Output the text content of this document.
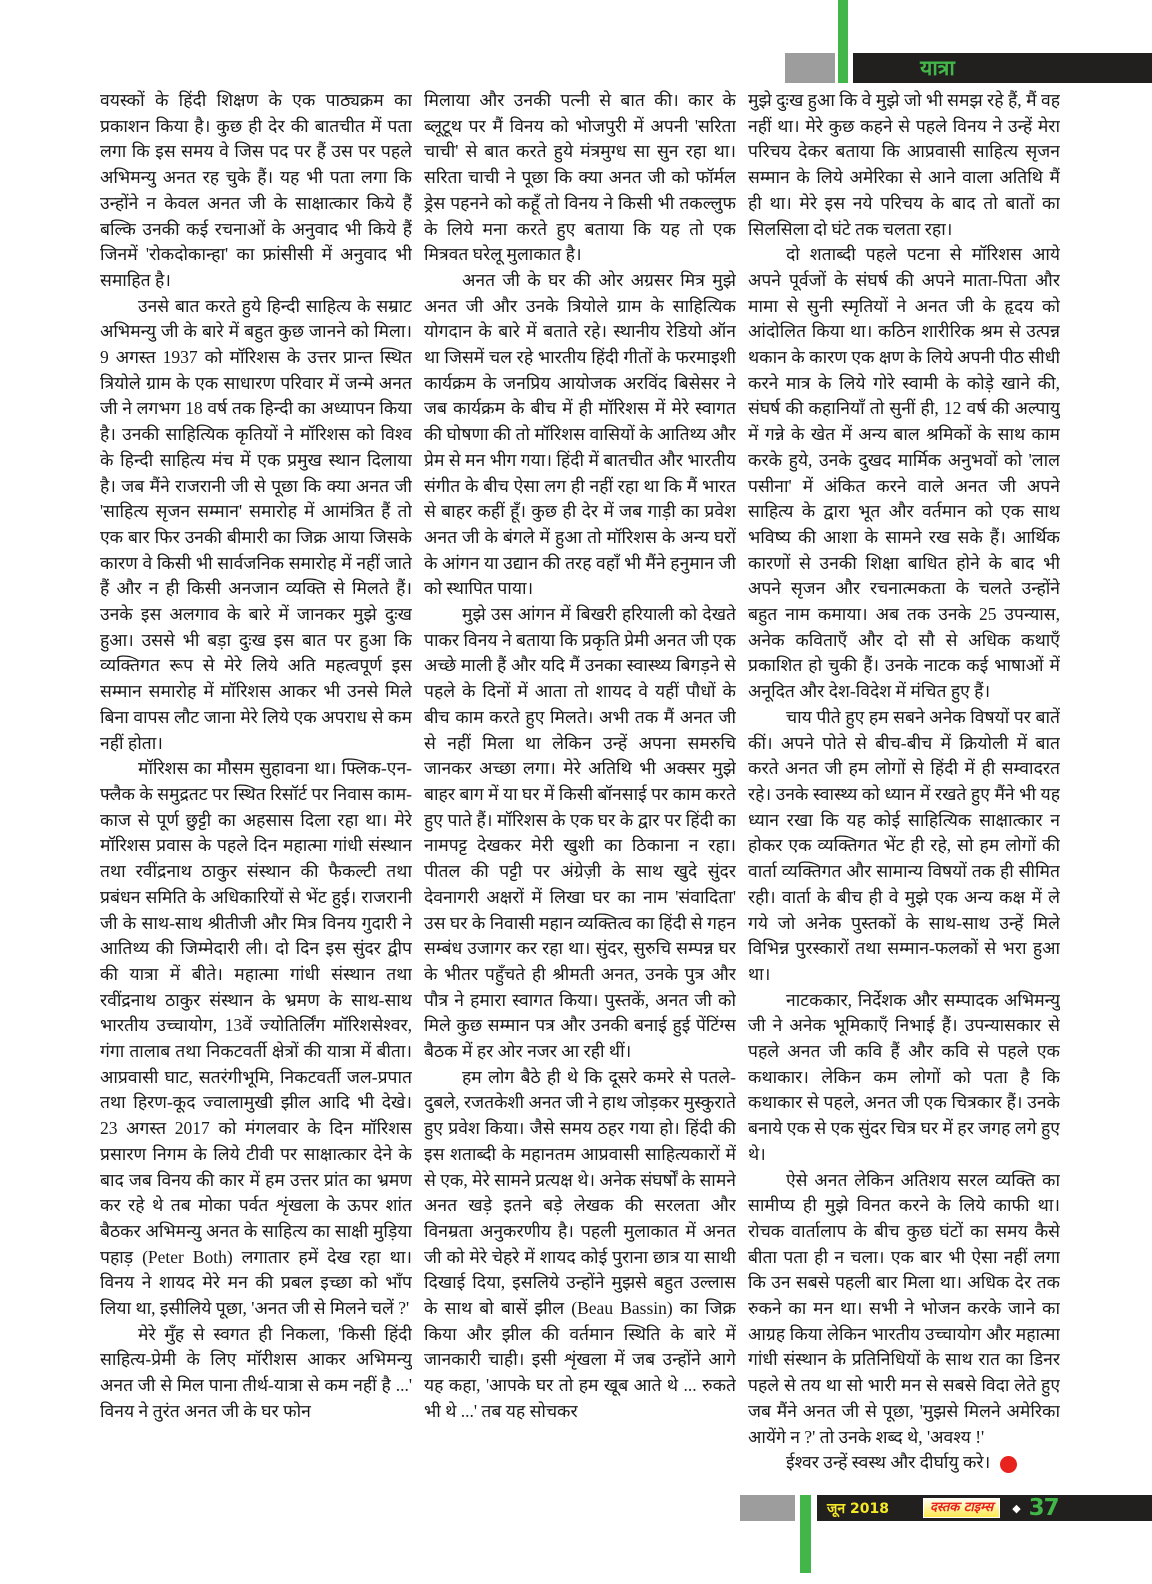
यात्रा

वयस्कों के हिंदी शिक्षण के एक पाठ्यक्रम का प्रकाशन किया है। कुछ ही देर की बातचीत में पता लगा कि इस समय वे जिस पद पर हैं उस पर पहले अभिमन्यु अनत रह चुके हैं। यह भी पता लगा कि उन्होंने न केवल अनत जी के साक्षात्कार किये हैं बल्कि उनकी कई रचनाओं के अनुवाद भी किये हैं जिनमें 'रोकदोकान्हा' का फ्रांसीसी में अनुवाद भी समाहित है।

उनसे बात करते हुये हिन्दी साहित्य के सम्राट अभिमन्यु जी के बारे में बहुत कुछ जानने को मिला। 9 अगस्त 1937 को मॉरिशस के उत्तर प्रान्त स्थित त्रियोले ग्राम के एक साधारण परिवार में जन्मे अनत जी ने लगभग 18 वर्ष तक हिन्दी का अध्यापन किया है। उनकी साहित्यिक कृतियों ने मॉरिशस को विश्व के हिन्दी साहित्य मंच में एक प्रमुख स्थान दिलाया है। जब मैंने राजरानी जी से पूछा कि क्या अनत जी 'साहित्य सृजन सम्मान' समारोह में आमंत्रित हैं तो एक बार फिर उनकी बीमारी का जिक्र आया जिसके कारण वे किसी भी सार्वजनिक समारोह में नहीं जाते हैं और न ही किसी अनजान व्यक्ति से मिलते हैं। उनके इस अलगाव के बारे में जानकर मुझे दुःख हुआ। उससे भी बड़ा दुःख इस बात पर हुआ कि व्यक्तिगत रूप से मेरे लिये अति महत्वपूर्ण इस सम्मान समारोह में मॉरिशस आकर भी उनसे मिले बिना वापस लौट जाना मेरे लिये एक अपराध से कम नहीं होता।

मॉरिशस का मौसम सुहावना था। फ्लिक-एन-फ्लैक के समुद्रतट पर स्थित रिसॉर्ट पर निवास काम-काज से पूर्ण छुट्टी का अहसास दिला रहा था। मेरे मॉरिशस प्रवास के पहले दिन महात्मा गांधी संस्थान तथा रवींद्रनाथ ठाकुर संस्थान की फैकल्टी तथा प्रबंधन समिति के अधिकारियों से भेंट हुई। राजरानी जी के साथ-साथ श्रीतीजी और मित्र विनय गुदारी ने आतिथ्य की जिम्मेदारी ली। दो दिन इस सुंदर द्वीप की यात्रा में बीते। महात्मा गांधी संस्थान तथा रवींद्रनाथ ठाकुर संस्थान के भ्रमण के साथ-साथ भारतीय उच्चायोग, 13वें ज्योतिर्लिंग मॉरिशसेश्वर, गंगा तालाब तथा निकटवर्ती क्षेत्रों की यात्रा में बीता। आप्रवासी घाट, सतरंगीभूमि, निकटवर्ती जल-प्रपात तथा हिरण-कूद ज्वालामुखी झील आदि भी देखे। 23 अगस्त 2017 को मंगलवार के दिन मॉरिशस प्रसारण निगम के लिये टीवी पर साक्षात्कार देने के बाद जब विनय की कार में हम उत्तर प्रांत का भ्रमण कर रहे थे तब मोका पर्वत शृंखला के ऊपर शांत बैठकर अभिमन्यु अनत के साहित्य का साक्षी मुड़िया पहाड़ (Peter Both) लगातार हमें देख रहा था। विनय ने शायद मेरे मन की प्रबल इच्छा को भाँप लिया था, इसीलिये पूछा, 'अनत जी से मिलने चलें ?'

मेरे मुँह से स्वगत ही निकला, 'किसी हिंदी साहित्य-प्रेमी के लिए मॉरीशस आकर अभिमन्यु अनत जी से मिल पाना तीर्थ-यात्रा से कम नहीं है ...' विनय ने तुरंत अनत जी के घर फोन

मिलाया और उनकी पत्नी से बात की। कार के ब्लूटूथ पर मैं विनय को भोजपुरी में अपनी 'सरिता चाची' से बात करते हुये मंत्रमुग्ध सा सुन रहा था। सरिता चाची ने पूछा कि क्या अनत जी को फॉर्मल ड्रेस पहनने को कहूँ तो विनय ने किसी भी तकल्लुफ के लिये मना करते हुए बताया कि यह तो एक मित्रवत घरेलू मुलाकात है।

अनत जी के घर की ओर अग्रसर मित्र मुझे अनत जी और उनके त्रियोले ग्राम के साहित्यिक योगदान के बारे में बताते रहे। स्थानीय रेडियो ऑन था जिसमें चल रहे भारतीय हिंदी गीतों के फरमाइशी कार्यक्रम के जनप्रिय आयोजक अरविंद बिसेसर ने जब कार्यक्रम के बीच में ही मॉरिशस में मेरे स्वागत की घोषणा की तो मॉरिशस वासियों के आतिथ्य और प्रेम से मन भीग गया। हिंदी में बातचीत और भारतीय संगीत के बीच ऐसा लग ही नहीं रहा था कि मैं भारत से बाहर कहीं हूँ। कुछ ही देर में जब गाड़ी का प्रवेश अनत जी के बंगले में हुआ तो मॉरिशस के अन्य घरों के आंगन या उद्यान की तरह वहाँ भी मैंने हनुमान जी को स्थापित पाया।

मुझे उस आंगन में बिखरी हरियाली को देखते पाकर विनय ने बताया कि प्रकृति प्रेमी अनत जी एक अच्छे माली हैं और यदि मैं उनका स्वास्थ्य बिगड़ने से पहले के दिनों में आता तो शायद वे यहीं पौधों के बीच काम करते हुए मिलते। अभी तक मैं अनत जी से नहीं मिला था लेकिन उन्हें अपना समरुचि जानकर अच्छा लगा। मेरे अतिथि भी अक्सर मुझे बाहर बाग में या घर में किसी बॉनसाई पर काम करते हुए पाते हैं। मॉरिशस के एक घर के द्वार पर हिंदी का नामपट्ट देखकर मेरी खुशी का ठिकाना न रहा। पीतल की पट्टी पर अंग्रेज़ी के साथ खुदे सुंदर देवनागरी अक्षरों में लिखा घर का नाम 'संवादिता' उस घर के निवासी महान व्यक्तित्व का हिंदी से गहन सम्बंध उजागर कर रहा था। सुंदर, सुरुचि सम्पन्न घर के भीतर पहुँचते ही श्रीमती अनत, उनके पुत्र और पौत्र ने हमारा स्वागत किया। पुस्तकें, अनत जी को मिले कुछ सम्मान पत्र और उनकी बनाई हुई पेंटिंग्स बैठक में हर ओर नजर आ रही थीं।

हम लोग बैठे ही थे कि दूसरे कमरे से पतले-दुबले, रजतकेशी अनत जी ने हाथ जोड़कर मुस्कुराते हुए प्रवेश किया। जैसे समय ठहर गया हो। हिंदी की इस शताब्दी के महानतम आप्रवासी साहित्यकारों में से एक, मेरे सामने प्रत्यक्ष थे। अनेक संघर्षों के सामने अनत खड़े इतने बड़े लेखक की सरलता और विनम्रता अनुकरणीय है। पहली मुलाकात में अनत जी को मेरे चेहरे में शायद कोई पुराना छात्र या साथी दिखाई दिया, इसलिये उन्होंने मुझसे बहुत उल्लास के साथ बो बासें झील (Beau Bassin) का जिक्र किया और झील की वर्तमान स्थिति के बारे में जानकारी चाही। इसी शृंखला में जब उन्होंने आगे यह कहा, 'आपके घर तो हम खूब आते थे ... रुकते भी थे ...' तब यह सोचकर

मुझे दुःख हुआ कि वे मुझे जो भी समझ रहे हैं, मैं वह नहीं था। मेरे कुछ कहने से पहले विनय ने उन्हें मेरा परिचय देकर बताया कि आप्रवासी साहित्य सृजन सम्मान के लिये अमेरिका से आने वाला अतिथि मैं ही था। मेरे इस नये परिचय के बाद तो बातों का सिलसिला दो घंटे तक चलता रहा।

दो शताब्दी पहले पटना से मॉरिशस आये अपने पूर्वजों के संघर्ष की अपने माता-पिता और मामा से सुनी स्मृतियों ने अनत जी के हृदय को आंदोलित किया था। कठिन शारीरिक श्रम से उत्पन्न थकान के कारण एक क्षण के लिये अपनी पीठ सीधी करने मात्र के लिये गोरे स्वामी के कोड़े खाने की, संघर्ष की कहानियाँ तो सुनीं ही, 12 वर्ष की अल्पायु में गन्ने के खेत में अन्य बाल श्रमिकों के साथ काम करके हुये, उनके दुखद मार्मिक अनुभवों को 'लाल पसीना' में अंकित करने वाले अनत जी अपने साहित्य के द्वारा भूत और वर्तमान को एक साथ भविष्य की आशा के सामने रख सके हैं। आर्थिक कारणों से उनकी शिक्षा बाधित होने के बाद भी अपने सृजन और रचनात्मकता के चलते उन्होंने बहुत नाम कमाया। अब तक उनके 25 उपन्यास, अनेक कविताएँ और दो सौ से अधिक कथाएँ प्रकाशित हो चुकी हैं। उनके नाटक कई भाषाओं में अनूदित और देश-विदेश में मंचित हुए हैं।

चाय पीते हुए हम सबने अनेक विषयों पर बातें कीं। अपने पोते से बीच-बीच में क्रियोली में बात करते अनत जी हम लोगों से हिंदी में ही सम्वादरत रहे। उनके स्वास्थ्य को ध्यान में रखते हुए मैंने भी यह ध्यान रखा कि यह कोई साहित्यिक साक्षात्कार न होकर एक व्यक्तिगत भेंट ही रहे, सो हम लोगों की वार्ता व्यक्तिगत और सामान्य विषयों तक ही सीमित रही। वार्ता के बीच ही वे मुझे एक अन्य कक्ष में ले गये जो अनेक पुस्तकों के साथ-साथ उन्हें मिले विभिन्न पुरस्कारों तथा सम्मान-फलकों से भरा हुआ था।

नाटककार, निर्देशक और सम्पादक अभिमन्यु जी ने अनेक भूमिकाएँ निभाई हैं। उपन्यासकार से पहले अनत जी कवि हैं और कवि से पहले एक कथाकार। लेकिन कम लोगों को पता है कि कथाकार से पहले, अनत जी एक चित्रकार हैं। उनके बनाये एक से एक सुंदर चित्र घर में हर जगह लगे हुए थे।

ऐसे अनत लेकिन अतिशय सरल व्यक्ति का सामीप्य ही मुझे विनत करने के लिये काफी था। रोचक वार्तालाप के बीच कुछ घंटों का समय कैसे बीता पता ही न चला। एक बार भी ऐसा नहीं लगा कि उन सबसे पहली बार मिला था। अधिक देर तक रुकने का मन था। सभी ने भोजन करके जाने का आग्रह किया लेकिन भारतीय उच्चायोग और महात्मा गांधी संस्थान के प्रतिनिधियों के साथ रात का डिनर पहले से तय था सो भारी मन से सबसे विदा लेते हुए जब मैंने अनत जी से पूछा, 'मुझसे मिलने अमेरिका आयेंगे न ?' तो उनके शब्द थे, 'अवश्य !'

ईश्वर उन्हें स्वस्थ और दीर्घायु करे।

जून 2018	दस्तक टाइम्स	◆ 37
